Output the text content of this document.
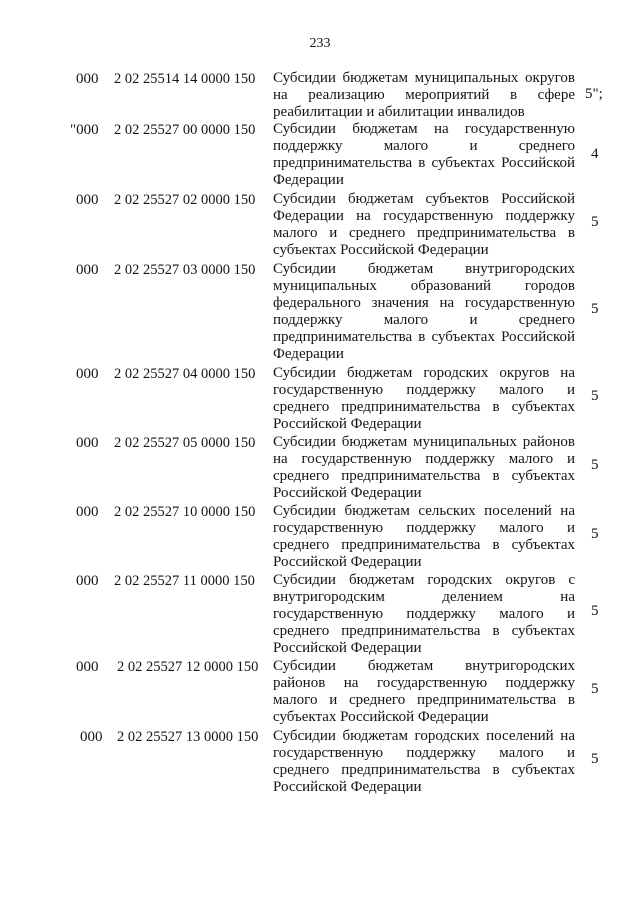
233
000 2 02 25514 14 0000 150 Субсидии бюджетам муниципальных округов
на реализацию мероприятий в сфере
реабилитации и абилитации инвалидов
5";
"000 2 02 25527 00 0000 150 Субсидии бюджетам на государственную
поддержку малого и среднего
предпринимательства в субъектах Российской
Федерации
4
000 2 02 25527 02 0000 150 Субсидии бюджетам субъектов Российской
Федерации на государственную поддержку
малого и среднего предпринимательства в
субъектах Российской Федерации
5
000 2 02 25527 03 0000 150 Субсидии бюджетам внутригородских
муниципальных образований городов
федерального значения на государственную
поддержку малого и среднего
предпринимательства в субъектах Российской
Федерации
5
000 2 02 25527 04 0000 150 Субсидии бюджетам городских округов на
государственную поддержку малого и
среднего предпринимательства в субъектах
Российской Федерации
5
000 2 02 25527 05 0000 150 Субсидии бюджетам муниципальных районов
на государственную поддержку малого и
среднего предпринимательства в субъектах
Российской Федерации
5
000 2 02 25527 10 0000 150 Субсидии бюджетам сельских поселений на
государственную поддержку малого и
среднего предпринимательства в субъектах
Российской Федерации
5
000 2 02 25527 11 0000 150 Субсидии бюджетам городских округов с
внутригородским делением на
государственную поддержку малого и
среднего предпринимательства в субъектах
Российской Федерации
5
000 2 02 25527 12 0000 150 Субсидии бюджетам внутригородских
районов на государственную поддержку
малого и среднего предпринимательства в
субъектах Российской Федерации
5
000 2 02 25527 13 0000 150 Субсидии бюджетам городских поселений на
государственную поддержку малого и
среднего предпринимательства в субъектах
Российской Федерации
5
